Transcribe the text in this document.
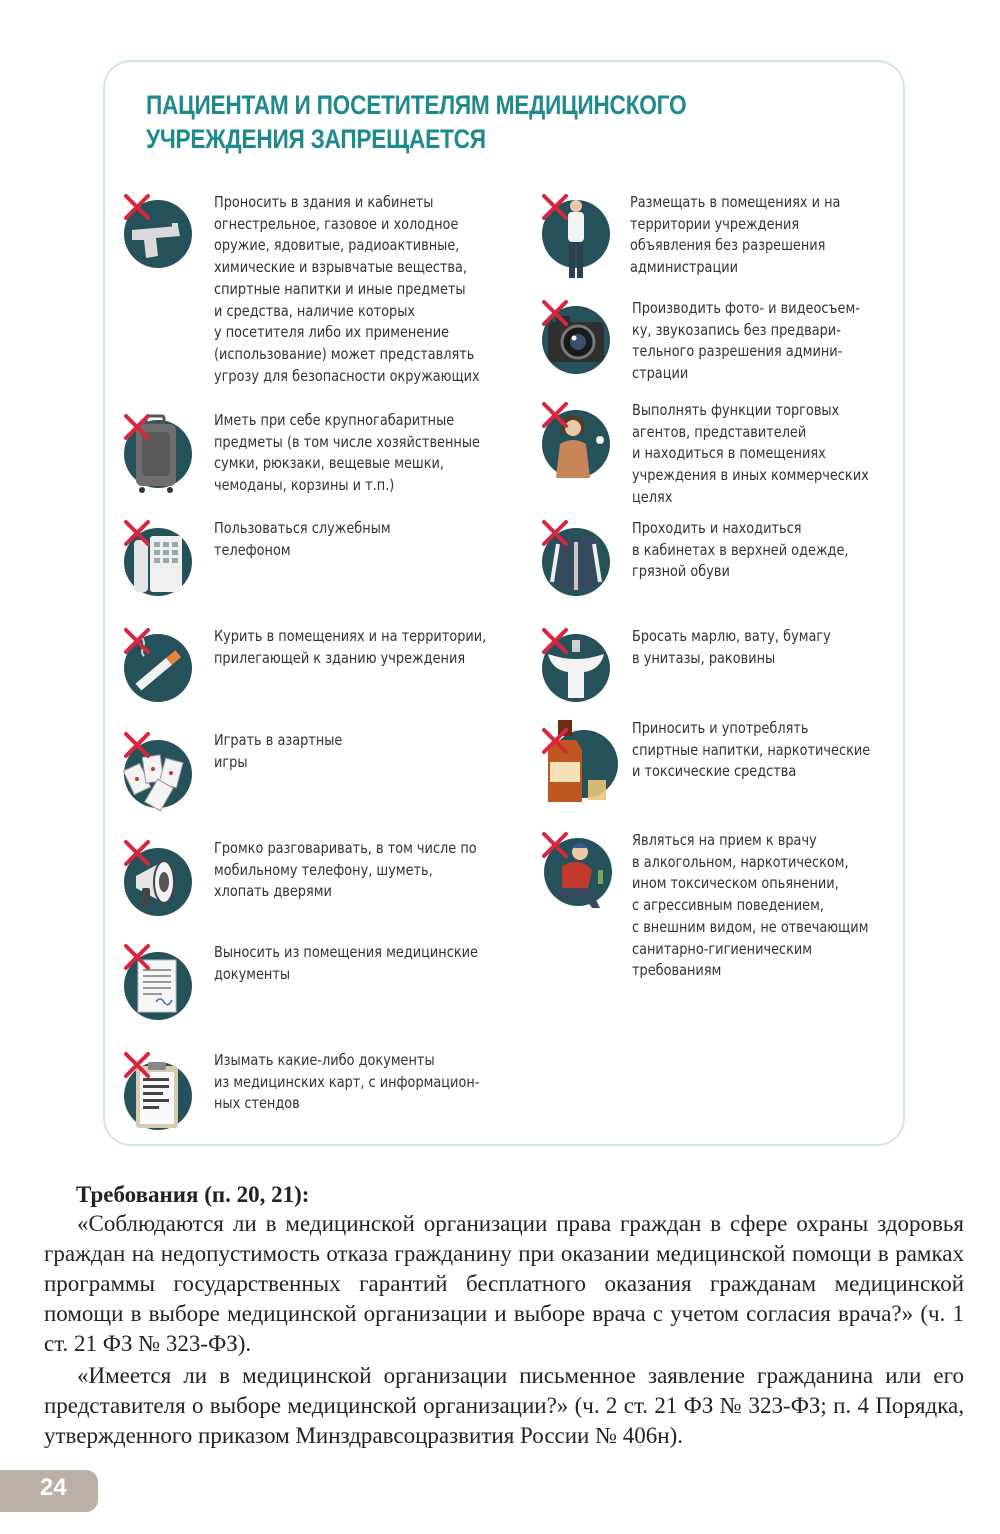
ПАЦИЕНТАМ И ПОСЕТИТЕЛЯМ МЕДИЦИНСКОГО УЧРЕЖДЕНИЯ ЗАПРЕЩАЕТСЯ
Проносить в здания и кабинеты
огнестрельное, газовое и холодное
оружие, ядовитые, радиоактивные,
химические и взрывчатые вещества,
спиртные напитки и иные предметы
и средства, наличие которых
у посетителя либо их применение
(использование) может представлять
угрозу для безопасности окружающих
Иметь при себе крупногабаритные
предметы (в том числе хозяйственные
сумки, рюкзаки, вещевые мешки,
чемоданы, корзины и т.п.)
Пользоваться служебным
телефоном
Курить в помещениях и на территории,
прилегающей к зданию учреждения
Играть в азартные
игры
Громко разговаривать, в том числе по
мобильному телефону, шуметь,
хлопать дверями
Выносить из помещения медицинские
документы
Изымать какие-либо документы
из медицинских карт, с информацион-
ных стендов
Размещать в помещениях и на
территории учреждения
объявления без разрешения
администрации
Производить фото- и видеосъем-
ку, звукозапись без предвари-
тельного разрешения админи-
страции
Выполнять функции торговых
агентов, представителей
и находиться в помещениях
учреждения в иных коммерческих
целях
Проходить и находиться
в кабинетах в верхней одежде,
грязной обуви
Бросать марлю, вату, бумагу
в унитазы, раковины
Приносить и употреблять
спиртные напитки, наркотические
и токсические средства
Являться на прием к врачу
в алкогольном, наркотическом,
ином токсическом опьянении,
с агрессивным поведением,
с внешним видом, не отвечающим
санитарно-гигиеническим
требованиям
Требования (п. 20, 21):

«Соблюдаются ли в медицинской организации права граждан в сфере охраны здоровья граждан на недопустимость отказа гражданину при оказании медицинской помощи в рамках программы государственных гарантий бесплатного оказания гражданам медицинской помощи в выборе медицинской организации и выборе врача с учетом согласия врача?» (ч. 1 ст. 21 ФЗ № 323-ФЗ).

«Имеется ли в медицинской организации письменное заявление гражданина или его представителя о выборе медицинской организации?» (ч. 2 ст. 21 ФЗ № 323-ФЗ; п. 4 Порядка, утвержденного приказом Минздравсоцразвития России № 406н).

24
